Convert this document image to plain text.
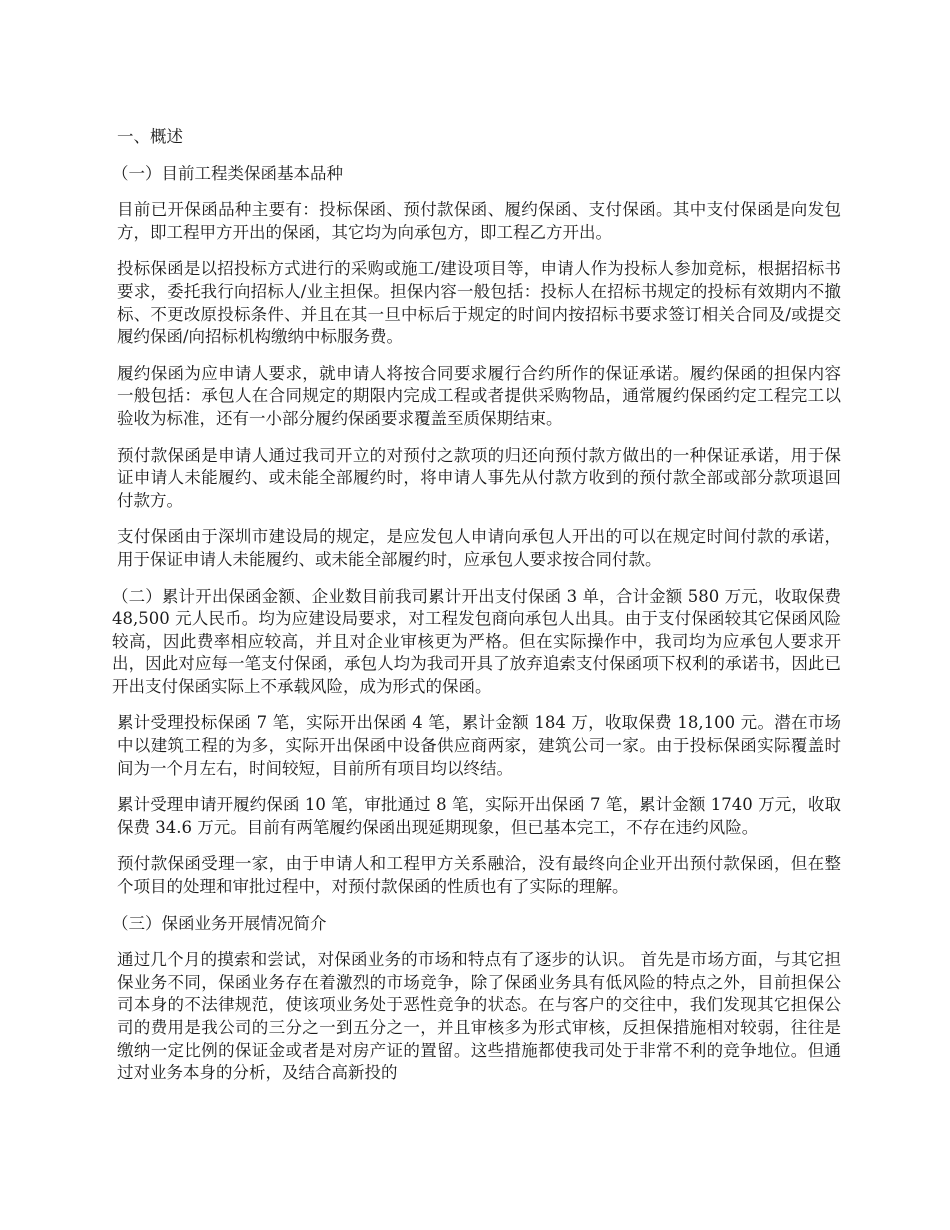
一、概述
（一）目前工程类保函基本品种

目前已开保函品种主要有：投标保函、预付款保函、履约保函、支付保函。其中支付保函是向发包方，即工程甲方开出的保函，其它均为向承包方，即工程乙方开出。

投标保函是以招投标方式进行的采购或施工/建设项目等，申请人作为投标人参加竞标，根据招标书要求，委托我行向招标人/业主担保。担保内容一般包括：投标人在招标书规定的投标有效期内不撤标、不更改原投标条件、并且在其一旦中标后于规定的时间内按招标书要求签订相关合同及/或提交履约保函/向招标机构缴纳中标服务费。

履约保函为应申请人要求，就申请人将按合同要求履行合约所作的保证承诺。履约保函的担保内容一般包括：承包人在合同规定的期限内完成工程或者提供采购物品，通常履约保函约定工程完工以验收为标准，还有一小部分履约保函要求覆盖至质保期结束。

预付款保函是申请人通过我司开立的对预付之款项的归还向预付款方做出的一种保证承诺，用于保证申请人未能履约、或未能全部履约时，将申请人事先从付款方收到的预付款全部或部分款项退回付款方。

支付保函由于深圳市建设局的规定，是应发包人申请向承包人开出的可以在规定时间付款的承诺，用于保证申请人未能履约、或未能全部履约时，应承包人要求按合同付款。

（二）累计开出保函金额、企业数目前我司累计开出支付保函 3 单，合计金额 580 万元，收取保费 48,500 元人民币。均为应建设局要求，对工程发包商向承包人出具。由于支付保函较其它保函风险较高，因此费率相应较高，并且对企业审核更为严格。但在实际操作中，我司均为应承包人要求开出，因此对应每一笔支付保函，承包人均为我司开具了放弃追索支付保函项下权利的承诺书，因此已开出支付保函实际上不承载风险，成为形式的保函。

累计受理投标保函 7 笔，实际开出保函 4 笔，累计金额 184 万，收取保费 18,100 元。潜在市场中以建筑工程的为多，实际开出保函中设备供应商两家，建筑公司一家。由于投标保函实际覆盖时间为一个月左右，时间较短，目前所有项目均以终结。

累计受理申请开履约保函 10 笔，审批通过 8 笔，实际开出保函 7 笔，累计金额 1740 万元，收取保费 34.6 万元。目前有两笔履约保函出现延期现象，但已基本完工，不存在违约风险。

预付款保函受理一家，由于申请人和工程甲方关系融洽，没有最终向企业开出预付款保函，但在整个项目的处理和审批过程中，对预付款保函的性质也有了实际的理解。

（三）保函业务开展情况简介

通过几个月的摸索和尝试，对保函业务的市场和特点有了逐步的认识。 首先是市场方面，与其它担保业务不同，保函业务存在着激烈的市场竞争，除了保函业务具有低风险的特点之外，目前担保公司本身的不法律规范，使该项业务处于恶性竞争的状态。在与客户的交往中，我们发现其它担保公司的费用是我公司的三分之一到五分之一，并且审核多为形式审核，反担保措施相对较弱，往往是缴纳一定比例的保证金或者是对房产证的置留。这些措施都使我司处于非常不利的竞争地位。但通过对业务本身的分析，及结合高新投的
